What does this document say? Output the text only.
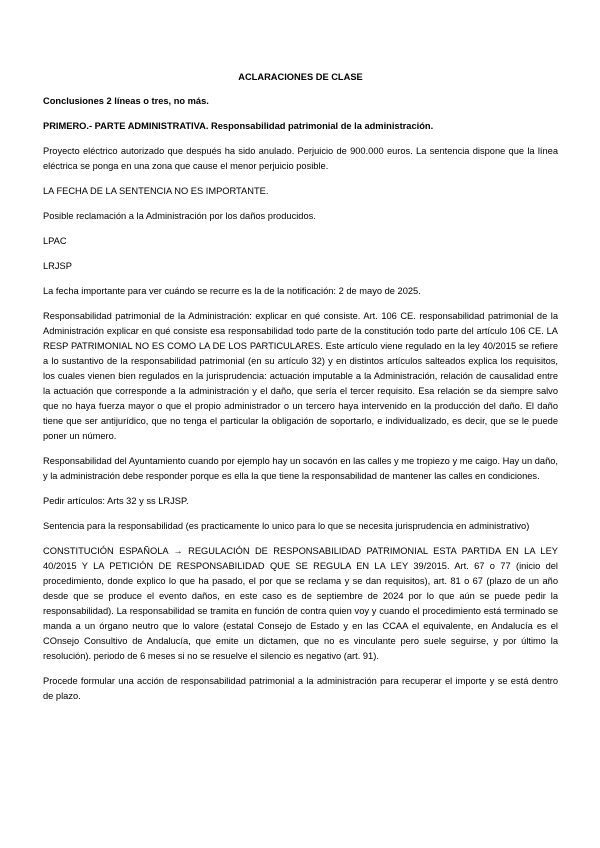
ACLARACIONES DE CLASE

Conclusiones 2 líneas o tres, no más.

PRIMERO.- PARTE ADMINISTRATIVA. Responsabilidad patrimonial de la administración.

Proyecto eléctrico autorizado que después ha sido anulado. Perjuicio de 900.000 euros. La sentencia dispone que la línea eléctrica se ponga en una zona que cause el menor perjuicio posible.

LA FECHA DE LA SENTENCIA NO ES IMPORTANTE.

Posible reclamación a la Administración por los daños producidos.

LPAC

LRJSP

La fecha importante para ver cuándo se recurre es la de la notificación: 2 de mayo de 2025.

Responsabilidad patrimonial de la Administración: explicar en qué consiste. Art. 106 CE. responsabilidad patrimonial de la Administración explicar en qué consiste esa responsabilidad todo parte de la constitución todo parte del artículo 106 CE. LA RESP PATRIMONIAL NO ES COMO LA DE LOS PARTICULARES. Este artículo viene regulado en la ley 40/2015 se refiere a lo sustantivo de la responsabilidad patrimonial (en su artículo 32) y en distintos artículos salteados explica los requisitos, los cuales vienen bien regulados en la jurisprudencia: actuación imputable a la Administración, relación de causalidad entre la actuación que corresponde a la administración y el daño, que sería el tercer requisito. Esa relación se da siempre salvo que no haya fuerza mayor o que el propio administrador o un tercero haya intervenido en la producción del daño. El daño tiene que ser antijurídico, que no tenga el particular la obligación de soportarlo, e individualizado, es decir, que se le puede poner un número.

Responsabilidad del Ayuntamiento cuando por ejemplo hay un socavón en las calles y me tropiezo y me caigo. Hay un daño, y la administración debe responder porque es ella la que tiene la responsabilidad de mantener las calles en condiciones.

Pedir artículos: Arts 32 y ss LRJSP.

Sentencia para la responsabilidad (es practicamente lo unico para lo que se necesita jurisprudencia en administrativo)

CONSTITUCIÓN ESPAÑOLA → REGULACIÓN DE RESPONSABILIDAD PATRIMONIAL ESTA PARTIDA EN LA LEY 40/2015 Y LA PETICIÓN DE RESPONSABILIDAD QUE SE REGULA EN LA LEY 39/2015. Art. 67 o 77 (inicio del procedimiento, donde explico lo que ha pasado, el por que se reclama y se dan requisitos), art. 81 o 67 (plazo de un año desde que se produce el evento daños, en este caso es de septiembre de 2024 por lo que aún se puede pedir la responsabilidad). La responsabilidad se tramita en función de contra quien voy y cuando el procedimiento está terminado se manda a un órgano neutro que lo valore (estatal Consejo de Estado y en las CCAA el equivalente, en Andalucía es el COnsejo Consultivo de Andalucía, que emite un dictamen, que no es vinculante pero suele seguirse, y por último la resolución). periodo de 6 meses si no se resuelve el silencio es negativo (art. 91).

Procede formular una acción de responsabilidad patrimonial a la administración para recuperar el importe y se está dentro de plazo.
